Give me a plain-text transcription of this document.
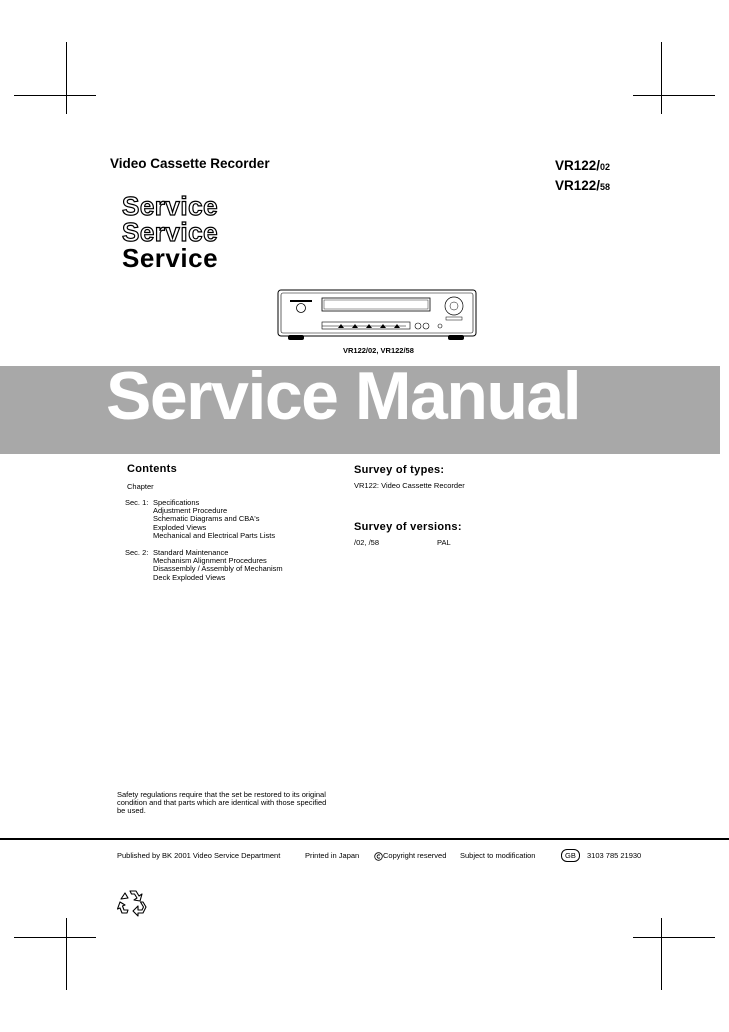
Video Cassette Recorder	VR122/02
VR122/58
Service
Service
Service
VR122/02, VR122/58
Service Manual
Contents
Chapter
Sec. 1: Specifications
Adjustment Procedure
Schematic Diagrams and CBA's
Exploded Views
Mechanical and Electrical Parts Lists
Sec. 2: Standard Maintenance
Mechanism Alignment Procedures
Disassembly / Assembly of Mechanism
Deck Exploded Views
Survey of types:
VR122: Video Cassette Recorder
Survey of versions:
/02, /58	PAL
Safety regulations require that the set be restored to its original
condition and that parts which are identical with those specified
be used.
Published by BK 2001 Video Service Department	Printed in Japan	Copyright reserved Subject to modification	GB	3103 785 21930
